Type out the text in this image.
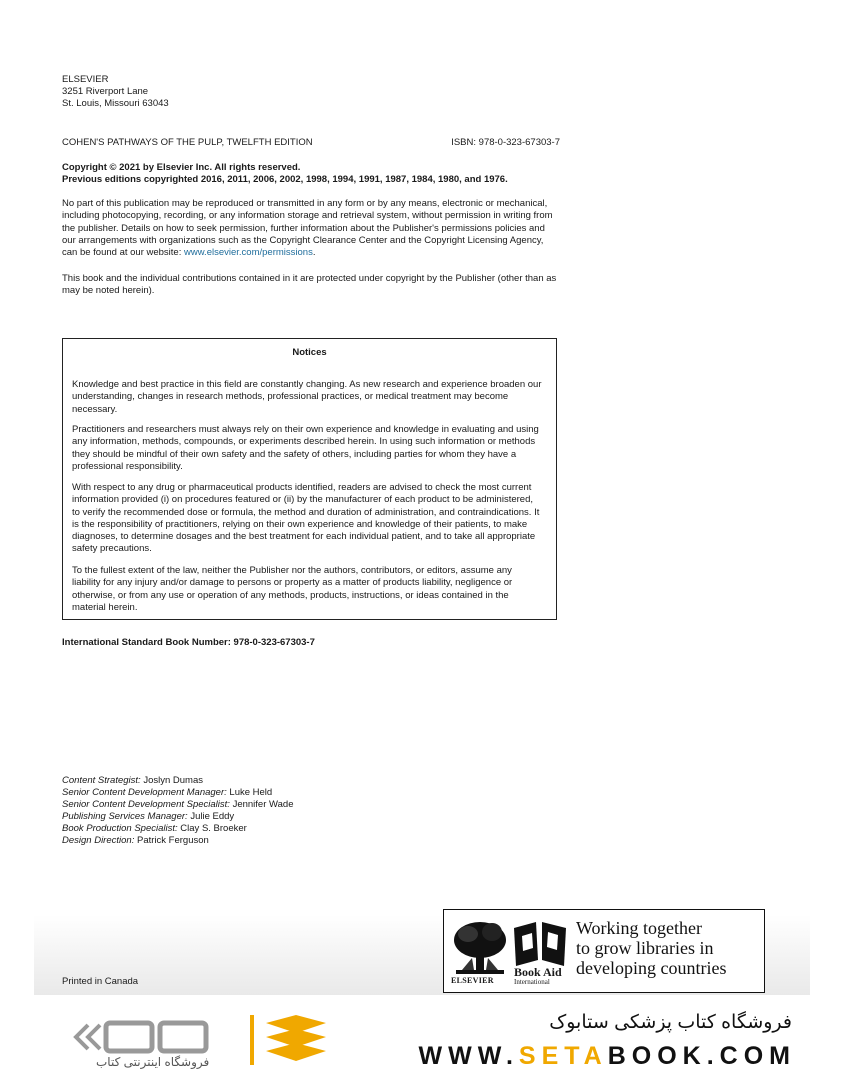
ELSEVIER
3251 Riverport Lane
St. Louis, Missouri 63043
COHEN'S PATHWAYS OF THE PULP, TWELFTH EDITION	ISBN: 978-0-323-67303-7
Copyright © 2021 by Elsevier Inc. All rights reserved.
Previous editions copyrighted 2016, 2011, 2006, 2002, 1998, 1994, 1991, 1987, 1984, 1980, and 1976.
No part of this publication may be reproduced or transmitted in any form or by any means, electronic or mechanical, including photocopying, recording, or any information storage and retrieval system, without permission in writing from the publisher. Details on how to seek permission, further information about the Publisher's permissions policies and our arrangements with organizations such as the Copyright Clearance Center and the Copyright Licensing Agency, can be found at our website: www.elsevier.com/permissions.
This book and the individual contributions contained in it are protected under copyright by the Publisher (other than as may be noted herein).
Notices

Knowledge and best practice in this field are constantly changing. As new research and experience broaden our understanding, changes in research methods, professional practices, or medical treatment may become necessary.

Practitioners and researchers must always rely on their own experience and knowledge in evaluating and using any information, methods, compounds, or experiments described herein. In using such information or methods they should be mindful of their own safety and the safety of others, including parties for whom they have a professional responsibility.

With respect to any drug or pharmaceutical products identified, readers are advised to check the most current information provided (i) on procedures featured or (ii) by the manufacturer of each product to be administered, to verify the recommended dose or formula, the method and duration of administration, and contraindications. It is the responsibility of practitioners, relying on their own experience and knowledge of their patients, to make diagnoses, to determine dosages and the best treatment for each individual patient, and to take all appropriate safety precautions.

To the fullest extent of the law, neither the Publisher nor the authors, contributors, or editors, assume any liability for any injury and/or damage to persons or property as a matter of products liability, negligence or otherwise, or from any use or operation of any methods, products, instructions, or ideas contained in the material herein.

International Standard Book Number: 978-0-323-67303-7
Content Strategist: Joslyn Dumas
Senior Content Development Manager: Luke Held
Senior Content Development Specialist: Jennifer Wade
Publishing Services Manager: Julie Eddy
Book Production Specialist: Clay S. Broeker
Design Direction: Patrick Ferguson
Printed in Canada	ELSEVIER
Book Aid
International
Working together
to grow libraries in
developing countries
فروشگاه اینترنتی کتاب
فروشگاه کتاب پزشکی ستابوک
WWW.SETABOOK.COM
